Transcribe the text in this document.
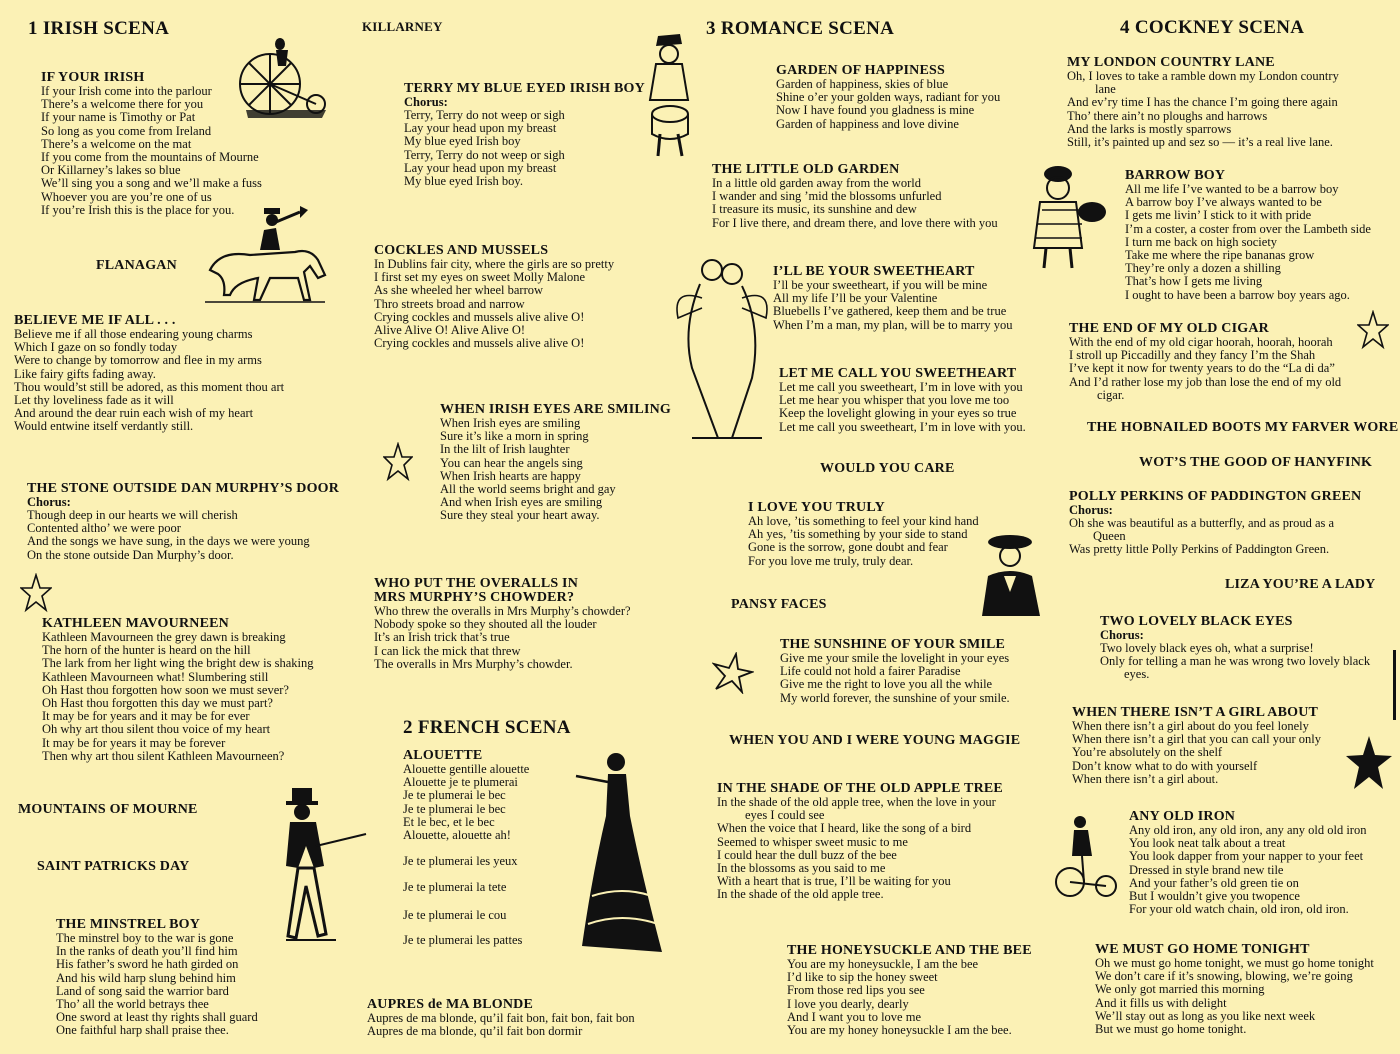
1 IRISH SCENA
2 FRENCH SCENA
3 ROMANCE SCENA	4 COCKNEY SCENA
KILLARNEY
FLANAGAN
MOUNTAINS OF MOURNE
SAINT PATRICKS DAY
WOULD YOU CARE
PANSY FACES
WHEN YOU AND I WERE YOUNG MAGGIE
THE HOBNAILED BOOTS MY FARVER WORE
WOT’S THE GOOD OF HANYFINK
LIZA YOU’RE A LADY
IF YOUR IRISH
If your Irish come into the parlour
There’s a welcome there for you
If your name is Timothy or Pat
So long as you come from Ireland
There’s a welcome on the mat
If you come from the mountains of Mourne
Or Killarney’s lakes so blue
We’ll sing you a song and we’ll make a fuss
Whoever you are you’re one of us
If you’re Irish this is the place for you.
BELIEVE ME IF ALL . . .
Believe me if all those endearing young charms
Which I gaze on so fondly today
Were to change by tomorrow and flee in my arms
Like fairy gifts fading away.
Thou would’st still be adored, as this moment thou art
Let thy loveliness fade as it will
And around the dear ruin each wish of my heart
Would entwine itself verdantly still.
THE STONE OUTSIDE DAN MURPHY’S DOOR
Chorus:
Though deep in our hearts we will cherish
Contented altho’ we were poor
And the songs we have sung, in the days we were young
On the stone outside Dan Murphy’s door.
KATHLEEN MAVOURNEEN
Kathleen Mavourneen the grey dawn is breaking
The horn of the hunter is heard on the hill
The lark from her light wing the bright dew is shaking
Kathleen Mavourneen what! Slumbering still
Oh Hast thou forgotten how soon we must sever?
Oh Hast thou forgotten this day we must part?
It may be for years and it may be for ever
Oh why art thou silent thou voice of my heart
It may be for years it may be forever
Then why art thou silent Kathleen Mavourneen?
THE MINSTREL BOY
The minstrel boy to the war is gone
In the ranks of death you’ll find him
His father’s sword he hath girded on
And his wild harp slung behind him
Land of song said the warrior bard
Tho’ all the world betrays thee
One sword at least thy rights shall guard
One faithful harp shall praise thee.
TERRY MY BLUE EYED IRISH BOY
Chorus:
Terry, Terry do not weep or sigh
Lay your head upon my breast
My blue eyed Irish boy
Terry, Terry do not weep or sigh
Lay your head upon my breast
My blue eyed Irish boy.
COCKLES AND MUSSELS
In Dublins fair city, where the girls are so pretty
I first set my eyes on sweet Molly Malone
As she wheeled her wheel barrow
Thro streets broad and narrow
Crying cockles and mussels alive alive O!
Alive Alive O! Alive Alive O!
Crying cockles and mussels alive alive O!
WHEN IRISH EYES ARE SMILING
When Irish eyes are smiling
Sure it’s like a morn in spring
In the lilt of Irish laughter
You can hear the angels sing
When Irish hearts are happy
All the world seems bright and gay
And when Irish eyes are smiling
Sure they steal your heart away.
WHO PUT THE OVERALLS IN
MRS MURPHY’S CHOWDER?
Who threw the overalls in Mrs Murphy’s chowder?
Nobody spoke so they shouted all the louder
It’s an Irish trick that’s true
I can lick the mick that threw
The overalls in Mrs Murphy’s chowder.
ALOUETTE
Alouette gentille alouette
Alouette je te plumerai
Je te plumerai le bec
Je te plumerai le bec
Et le bec, et le bec
Alouette, alouette ah!
Je te plumerai les yeux
Je te plumerai la tete
Je te plumerai le cou
Je te plumerai les pattes
AUPRES de MA BLONDE
Aupres de ma blonde, qu’il fait bon, fait bon, fait bon
Aupres de ma blonde, qu’il fait bon dormir
GARDEN OF HAPPINESS
Garden of happiness, skies of blue
Shine o’er your golden ways, radiant for you
Now I have found you gladness is mine
Garden of happiness and love divine
THE LITTLE OLD GARDEN
In a little old garden away from the world
I wander and sing ’mid the blossoms unfurled
I treasure its music, its sunshine and dew
For I live there, and dream there, and love there with you
I’LL BE YOUR SWEETHEART
I’ll be your sweetheart, if you will be mine
All my life I’ll be your Valentine
Bluebells I’ve gathered, keep them and be true
When I’m a man, my plan, will be to marry you
LET ME CALL YOU SWEETHEART
Let me call you sweetheart, I’m in love with you
Let me hear you whisper that you love me too
Keep the lovelight glowing in your eyes so true
Let me call you sweetheart, I’m in love with you.
I LOVE YOU TRULY
Ah love, ’tis something to feel your kind hand
Ah yes, ’tis something by your side to stand
Gone is the sorrow, gone doubt and fear
For you love me truly, truly dear.
THE SUNSHINE OF YOUR SMILE
Give me your smile the lovelight in your eyes
Life could not hold a fairer Paradise
Give me the right to love you all the while
My world forever, the sunshine of your smile.
IN THE SHADE OF THE OLD APPLE TREE
In the shade of the old apple tree, when the love in your
eyes I could see
When the voice that I heard, like the song of a bird
Seemed to whisper sweet music to me
I could hear the dull buzz of the bee
In the blossoms as you said to me
With a heart that is true, I’ll be waiting for you
In the shade of the old apple tree.
THE HONEYSUCKLE AND THE BEE
You are my honeysuckle, I am the bee
I’d like to sip the honey sweet
From those red lips you see
I love you dearly, dearly
And I want you to love me
You are my honey honeysuckle I am the bee.
MY LONDON COUNTRY LANE
Oh, I loves to take a ramble down my London country
lane
And ev’ry time I has the chance I’m going there again
Tho’ there ain’t no ploughs and harrows
And the larks is mostly sparrows
Still, it’s painted up and sez so — it’s a real live lane.
BARROW BOY
All me life I’ve wanted to be a barrow boy
A barrow boy I’ve always wanted to be
I gets me livin’ I stick to it with pride
I’m a coster, a coster from over the Lambeth side
I turn me back on high society
Take me where the ripe bananas grow
They’re only a dozen a shilling
That’s how I gets me living
I ought to have been a barrow boy years ago.
THE END OF MY OLD CIGAR
With the end of my old cigar hoorah, hoorah, hoorah
I stroll up Piccadilly and they fancy I’m the Shah
I’ve kept it now for twenty years to do the “La di da”
And I’d rather lose my job than lose the end of my old
cigar.
POLLY PERKINS OF PADDINGTON GREEN
Chorus:
Oh she was beautiful as a butterfly, and as proud as a
Queen
Was pretty little Polly Perkins of Paddington Green.
TWO LOVELY BLACK EYES
Chorus:
Two lovely black eyes oh, what a surprise!
Only for telling a man he was wrong two lovely black
eyes.
WHEN THERE ISN’T A GIRL ABOUT
When there isn’t a girl about do you feel lonely
When there isn’t a girl that you can call your only
You’re absolutely on the shelf
Don’t know what to do with yourself
When there isn’t a girl about.
ANY OLD IRON
Any old iron, any old iron, any any old old iron
You look neat talk about a treat
You look dapper from your napper to your feet
Dressed in style brand new tile
And your father’s old green tie on
But I wouldn’t give you twopence
For your old watch chain, old iron, old iron.
WE MUST GO HOME TONIGHT
Oh we must go home tonight, we must go home tonight
We don’t care if it’s snowing, blowing, we’re going
We only got married this morning
And it fills us with delight
We’ll stay out as long as you like next week
But we must go home tonight.
